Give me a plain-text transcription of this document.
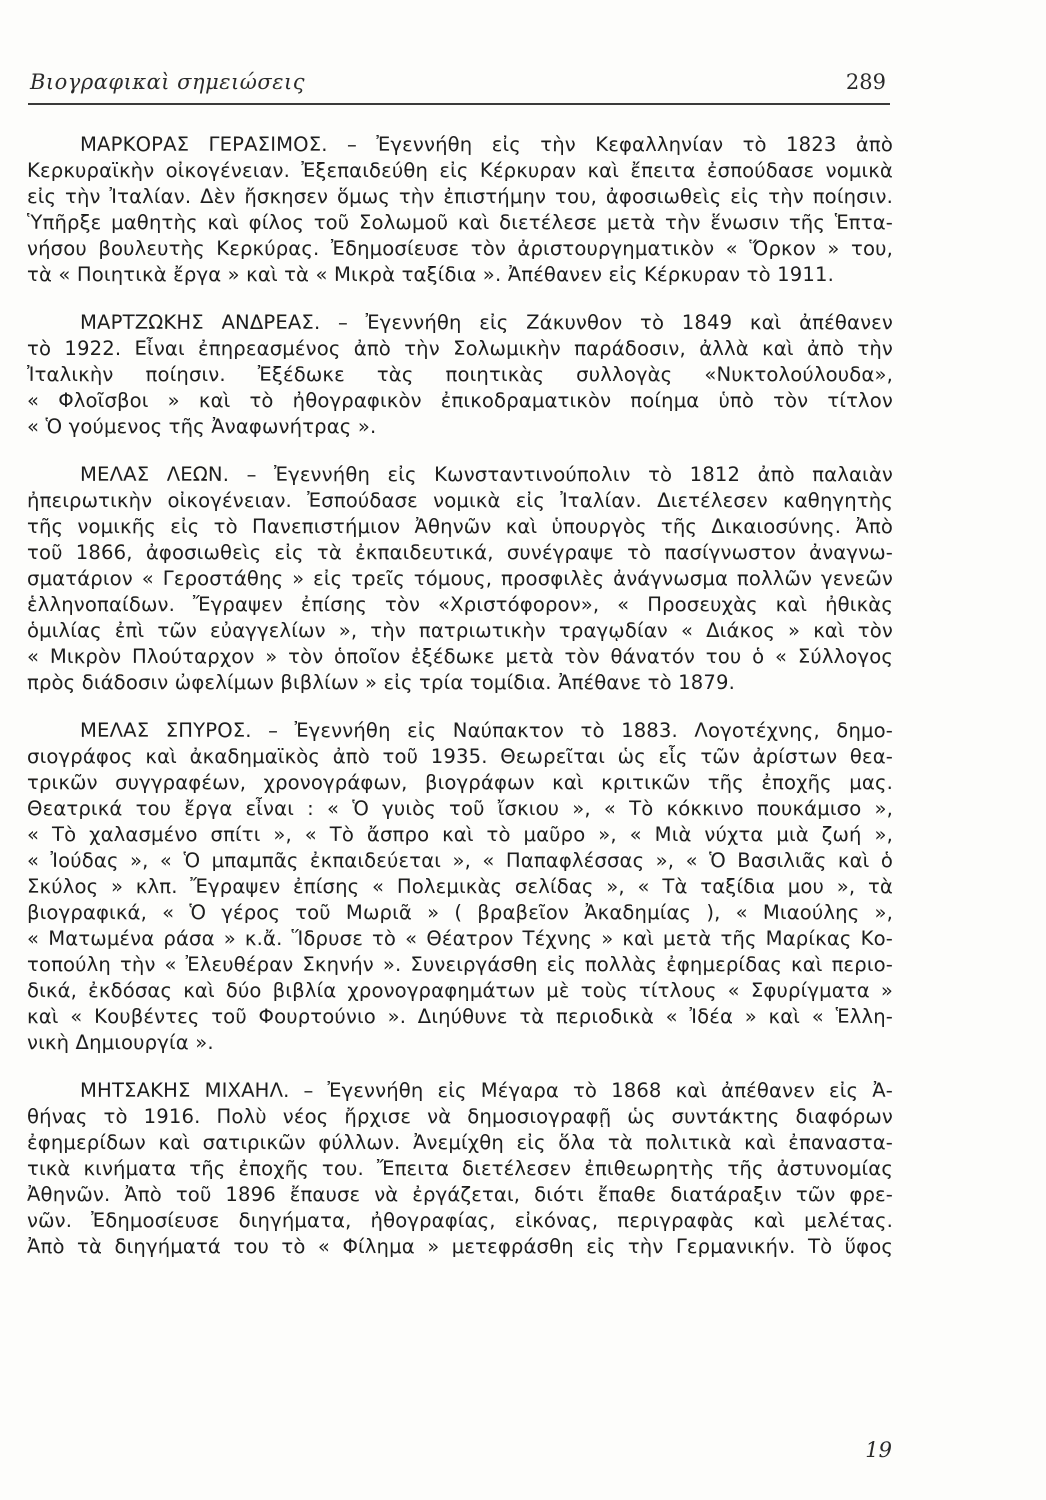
Βιογραφικαὶ σημειώσεις	289
ΜΑΡΚΟΡΑΣ ΓΕΡΑΣΙΜΟΣ. – Ἐγεννήθη εἰς τὴν Κεφαλληνίαν τὸ 1823 ἀπὸ
Κερκυραϊκὴν οἰκογένειαν. Ἐξεπαιδεύθη εἰς Κέρκυραν καὶ ἔπειτα ἐσπούδασε νομικὰ
εἰς τὴν Ἰταλίαν. Δὲν ἤσκησεν ὅμως τὴν ἐπιστήμην του, ἀφοσιωθεὶς εἰς τὴν ποίησιν.
Ὑπῆρξε μαθητὴς καὶ φίλος τοῦ Σολωμοῦ καὶ διετέλεσε μετὰ τὴν ἕνωσιν τῆς Ἑπτα-
νήσου βουλευτὴς Κερκύρας. Ἐδημοσίευσε τὸν ἀριστουργηματικὸν « Ὅρκον » του,
τὰ « Ποιητικὰ ἔργα » καὶ τὰ « Μικρὰ ταξίδια ». Ἀπέθανεν εἰς Κέρκυραν τὸ 1911.
ΜΑΡΤΖΩΚΗΣ ΑΝΔΡΕΑΣ. – Ἐγεννήθη εἰς Ζάκυνθον τὸ 1849 καὶ ἀπέθανεν
τὸ 1922. Εἶναι ἐπηρεασμένος ἀπὸ τὴν Σολωμικὴν παράδοσιν, ἀλλὰ καὶ ἀπὸ τὴν
Ἰταλικὴν ποίησιν. Ἐξέδωκε τὰς ποιητικὰς συλλογὰς «Νυκτολούλουδα»,
« Φλοῖσβοι » καὶ τὸ ἠθογραφικὸν ἐπικοδραματικὸν ποίημα ὑπὸ τὸν τίτλον
« Ὁ γούμενος τῆς Ἀναφωνήτρας ».
ΜΕΛΑΣ ΛΕΩΝ. – Ἐγεννήθη εἰς Κωνσταντινούπολιν τὸ 1812 ἀπὸ παλαιὰν
ἠπειρωτικὴν οἰκογένειαν. Ἐσπούδασε νομικὰ εἰς Ἰταλίαν. Διετέλεσεν καθηγητὴς
τῆς νομικῆς εἰς τὸ Πανεπιστήμιον Ἀθηνῶν καὶ ὑπουργὸς τῆς Δικαιοσύνης. Ἀπὸ
τοῦ 1866, ἀφοσιωθεὶς εἰς τὰ ἐκπαιδευτικά, συνέγραψε τὸ πασίγνωστον ἀναγνω-
σματάριον « Γεροστάθης » εἰς τρεῖς τόμους, προσφιλὲς ἀνάγνωσμα πολλῶν γενεῶν
ἑλληνοπαίδων. Ἔγραψεν ἐπίσης τὸν «Χριστόφορον», « Προσευχὰς καὶ ἠθικὰς
ὁμιλίας ἐπὶ τῶν εὐαγγελίων », τὴν πατριωτικὴν τραγῳδίαν « Διάκος » καὶ τὸν
« Μικρὸν Πλούταρχον » τὸν ὁποῖον ἐξέδωκε μετὰ τὸν θάνατόν του ὁ « Σύλλογος
πρὸς διάδοσιν ὠφελίμων βιβλίων » εἰς τρία τομίδια. Ἀπέθανε τὸ 1879.
ΜΕΛΑΣ ΣΠΥΡΟΣ. – Ἐγεννήθη εἰς Ναύπακτον τὸ 1883. Λογοτέχνης, δημο-
σιογράφος καὶ ἀκαδημαϊκὸς ἀπὸ τοῦ 1935. Θεωρεῖται ὡς εἷς τῶν ἀρίστων θεα-
τρικῶν συγγραφέων, χρονογράφων, βιογράφων καὶ κριτικῶν τῆς ἐποχῆς μας.
Θεατρικά του ἔργα εἶναι : « Ὁ γυιὸς τοῦ ἴσκιου », « Τὸ κόκκινο πουκάμισο »,
« Τὸ χαλασμένο σπίτι », « Τὸ ἄσπρο καὶ τὸ μαῦρο », « Μιὰ νύχτα μιὰ ζωή »,
« Ἰούδας », « Ὁ μπαμπᾶς ἐκπαιδεύεται », « Παπαφλέσσας », « Ὁ Βασιλιᾶς καὶ ὁ
Σκύλος » κλπ. Ἔγραψεν ἐπίσης « Πολεμικὰς σελίδας », « Τὰ ταξίδια μου », τὰ
βιογραφικά, « Ὁ γέρος τοῦ Μωριᾶ » ( βραβεῖον Ἀκαδημίας ), « Μιαούλης »,
« Ματωμένα ράσα » κ.ἄ. Ἵδρυσε τὸ « Θέατρον Τέχνης » καὶ μετὰ τῆς Μαρίκας Κο-
τοπούλη τὴν « Ἐλευθέραν Σκηνήν ». Συνειργάσθη εἰς πολλὰς ἐφημερίδας καὶ περιο-
δικά, ἐκδόσας καὶ δύο βιβλία χρονογραφημάτων μὲ τοὺς τίτλους « Σφυρίγματα »
καὶ « Κουβέντες τοῦ Φουρτούνιο ». Διηύθυνε τὰ περιοδικὰ « Ἰδέα » καὶ « Ἑλλη-
νικὴ Δημιουργία ».
ΜΗΤΣΑΚΗΣ ΜΙΧΑΗΛ. – Ἐγεννήθη εἰς Μέγαρα τὸ 1868 καὶ ἀπέθανεν εἰς Ἀ-
θήνας τὸ 1916. Πολὺ νέος ἤρχισε νὰ δημοσιογραφῇ ὡς συντάκτης διαφόρων
ἐφημερίδων καὶ σατιρικῶν φύλλων. Ἀνεμίχθη εἰς ὅλα τὰ πολιτικὰ καὶ ἐπαναστα-
τικὰ κινήματα τῆς ἐποχῆς του. Ἔπειτα διετέλεσεν ἐπιθεωρητὴς τῆς ἀστυνομίας
Ἀθηνῶν. Ἀπὸ τοῦ 1896 ἔπαυσε νὰ ἐργάζεται, διότι ἔπαθε διατάραξιν τῶν φρε-
νῶν. Ἐδημοσίευσε διηγήματα, ἠθογραφίας, εἰκόνας, περιγραφὰς καὶ μελέτας.
Ἀπὸ τὰ διηγήματά του τὸ « Φίλημα » μετεφράσθη εἰς τὴν Γερμανικήν. Τὸ ὕφος
19
